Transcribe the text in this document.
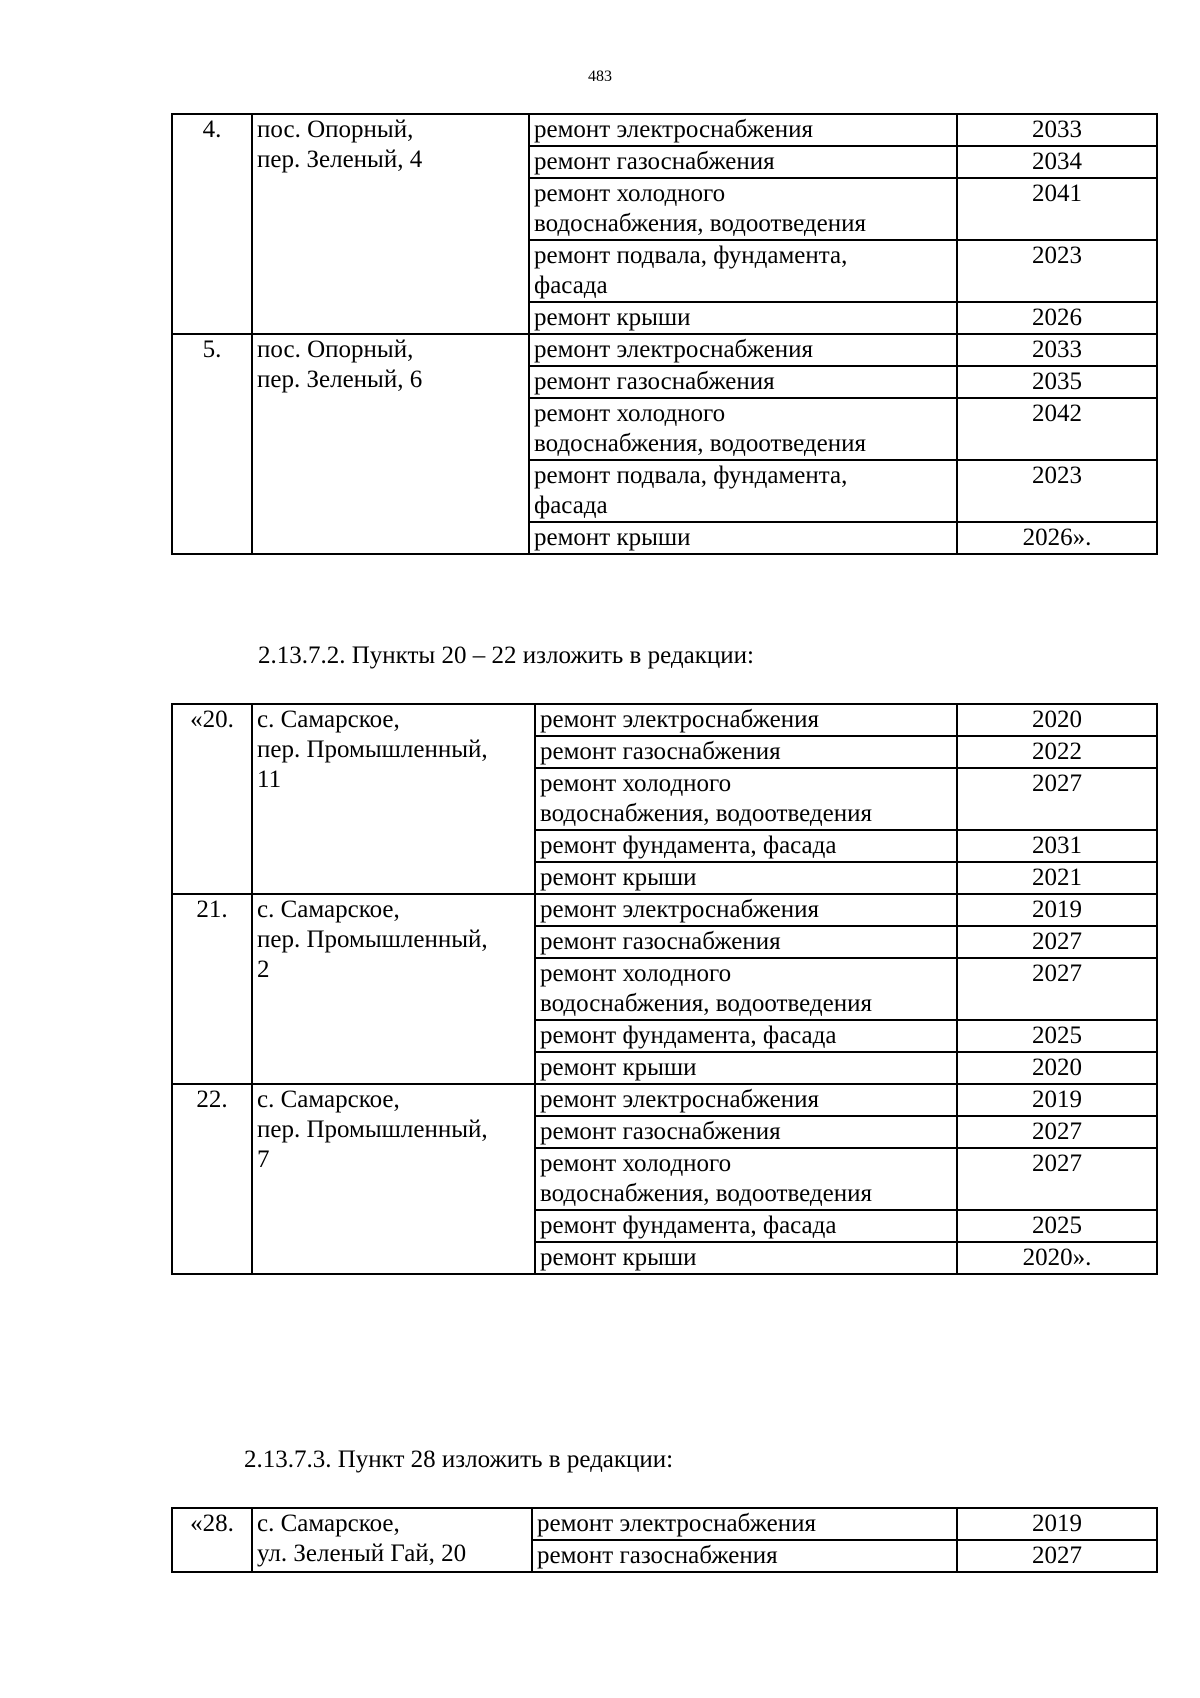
483
4.	пос. Опорный,
пер. Зеленый, 4	ремонт электроснабжения	2033
		ремонт газоснабжения	2034
		ремонт холодного
водоснабжения, водоотведения	2041
		ремонт подвала, фундамента,
фасада	2023
		ремонт крыши	2026
5.	пос. Опорный,
пер. Зеленый, 6	ремонт электроснабжения	2033
		ремонт газоснабжения	2035
		ремонт холодного
водоснабжения, водоотведения	2042
		ремонт подвала, фундамента,
фасада	2023
		ремонт крыши	2026».
2.13.7.2. Пункты 20 – 22 изложить в редакции:
«20.	с. Самарское,
пер. Промышленный,
11	ремонт электроснабжения	2020
		ремонт газоснабжения	2022
		ремонт холодного
водоснабжения, водоотведения	2027
		ремонт фундамента, фасада	2031
		ремонт крыши	2021
21.	с. Самарское,
пер. Промышленный,
2	ремонт электроснабжения	2019
		ремонт газоснабжения	2027
		ремонт холодного
водоснабжения, водоотведения	2027
		ремонт фундамента, фасада	2025
		ремонт крыши	2020
22.	с. Самарское,
пер. Промышленный,
7	ремонт электроснабжения	2019
		ремонт газоснабжения	2027
		ремонт холодного
водоснабжения, водоотведения	2027
		ремонт фундамента, фасада	2025
		ремонт крыши	2020».
2.13.7.3. Пункт 28 изложить в редакции:
«28.	с. Самарское,
ул. Зеленый Гай, 20	ремонт электроснабжения	2019
		ремонт газоснабжения	2027
